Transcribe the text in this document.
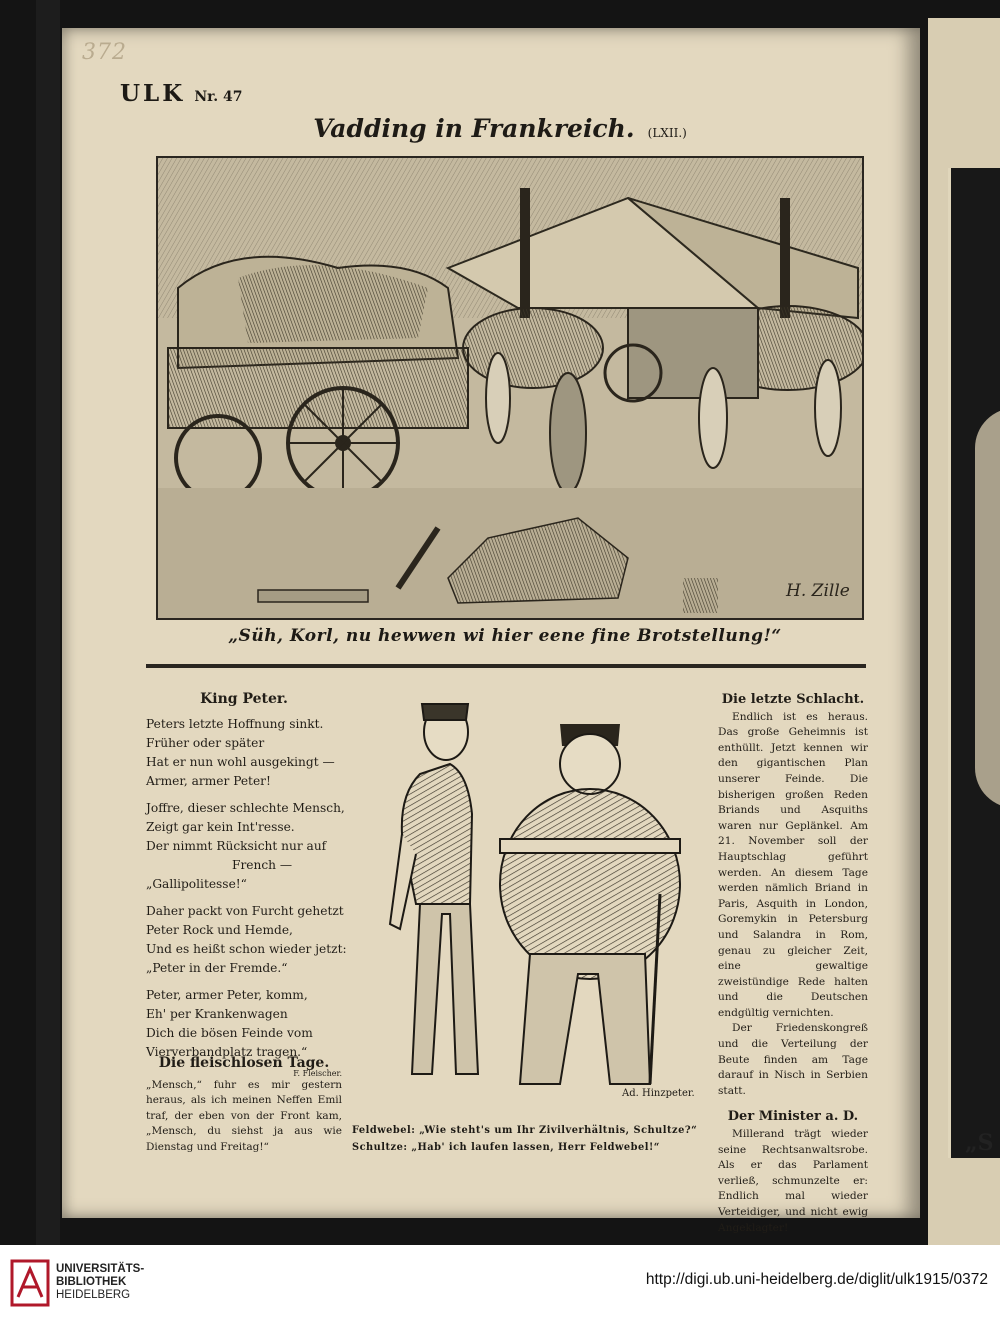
„S
372
ULK Nr. 47
Vadding in Frankreich. (LXII.)
H. Zille
„Süh, Korl, nu hewwen wi hier eene fine Brotstellung!“
King Peter.
Peters letzte Hoffnung sinkt.
Früher oder später
Hat er nun wohl ausgekingt —
Armer, armer Peter!
Joffre, dieser schlechte Mensch,
Zeigt gar kein Int'resse.
Der nimmt Rücksicht nur auf
French —
„Gallipolitesse!“
Daher packt von Furcht gehetzt
Peter Rock und Hemde,
Und es heißt schon wieder jetzt:
„Peter in der Fremde.“
Peter, armer Peter, komm,
Eh' per Krankenwagen
Dich die bösen Feinde vom
Vierverbandplatz tragen.“
F. Fleischer.
Die fleischlosen Tage.

„Mensch,“ fuhr es mir gestern heraus, als ich meinen Neffen Emil traf, der eben von der Front kam, „Mensch, du siehst ja aus wie Dienstag und Freitag!“

Ad. Hinzpeter.
Feldwebel: „Wie steht's um Ihr Zivilverhältnis, Schultze?“
Schultze: „Hab' ich laufen lassen, Herr Feldwebel!“
Die letzte Schlacht.

Endlich ist es heraus. Das große Geheimnis ist enthüllt. Jetzt kennen wir den gigantischen Plan unserer Feinde. Die bisherigen großen Reden Briands und Asquiths waren nur Geplänkel. Am 21. November soll der Hauptschlag geführt werden. An diesem Tage werden nämlich Briand in Paris, Asquith in London, Goremykin in Petersburg und Salandra in Rom, genau zu gleicher Zeit, eine gewaltige zweistündige Rede halten und die Deutschen endgültig vernichten.

Der Friedenskongreß und die Verteilung der Beute finden am Tage darauf in Nisch in Serbien statt.

Der Minister a. D.

Millerand trägt wieder seine Rechtsanwaltsrobe. Als er das Parlament verließ, schmunzelte er: Endlich mal wieder Verteidiger, und nicht ewig Angeklagter!

UNIVERSITÄTS-
BIBLIOTHEK
HEIDELBERG
http://digi.ub.uni-heidelberg.de/diglit/ulk1915/0372
